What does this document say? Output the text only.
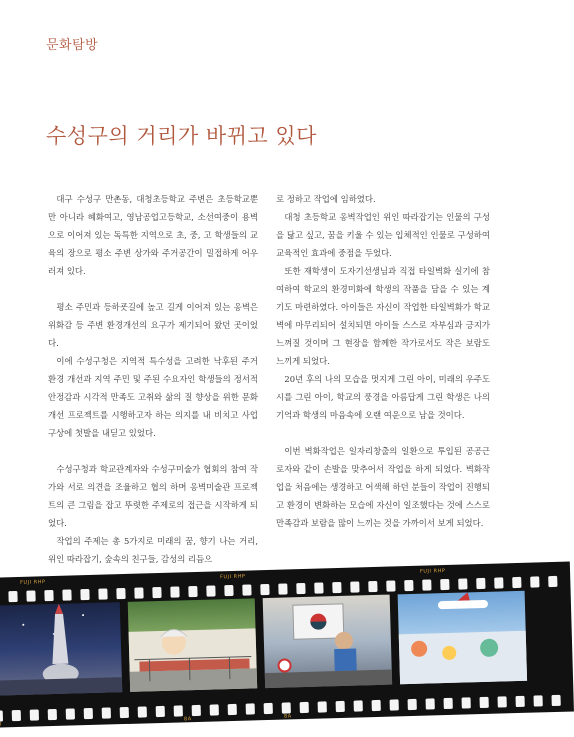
문화탐방
수성구의 거리가 바뀌고 있다

대구 수성구 만촌동, 대청초등학교 주변은 초등학교뿐만 아니라 혜화여고, 영남공업고등학교, 소선여중이 용벽으로 이어져 있는 독특한 지역으로 초, 중, 고 학생들의 교육의 장으로 평소 주변 상가와 주거공간이 밀접하게 어우러져 있다.

평소 주민과 등하굣길에 높고 길게 이어져 있는 옹벽은 위화감 등 주변 환경개선의 요구가 제기되어 왔던 곳이었다.

이에 수성구청은 지역적 특수성을 고려한 낙후된 주거환경 개선과 지역 주민 및 주된 수요자인 학생들의 정서적 안정감과 시각적 만족도 고취와 삶의 질 향상을 위한 문화개선 프로젝트를 시행하고자 하는 의지를 내 비치고 사업구상에 첫발을 내딛고 있었다.

수성구청과 학교관계자와 수성구미술가 협회의 참여 작가와 서로 의견을 조율하고 협의 하며 옹벽미술관 프로젝트의 큰 그림을 잡고 뚜렷한 주제로의 접근을 시작하게 되었다.

작업의 주제는 총 5가지로 미래의 꿈, 향기 나는 거리, 위인 따라잡기, 숲속의 친구들, 감성의 리듬으

로 정하고 작업에 임하였다.

대청 초등학교 옹벽작업인 위인 따라잡기는 인물의 구성을 닮고 싶고, 꿈을 키울 수 있는 입체적인 인물로 구성하여 교육적인 효과에 중점을 두었다.

또한 재학생이 도자기선생님과 직접 타일벽화 실기에 참여하여 학교의 환경미화에 학생의 작품을 담을 수 있는 계기도 마련하였다. 아이들은 자신이 작업한 타일벽화가 학교 벽에 마무리되어 설치되면 아이들 스스로 자부심과 긍지가 느껴질 것이며 그 현장을 함께한 작가로서도 작은 보람도 느끼게 되었다.

20년 후의 나의 모습을 멋지게 그린 아이, 미래의 우주도시를 그린 아이, 학교의 풍경을 아름답게 그린 학생은 나의 기억과 학생의 마음속에 오랜 여운으로 남을 것이다.

이번 벽화작업은 일자리창출의 일환으로 투입된 공공근로자와 같이 손발을 맞추어서 작업을 하게 되었다. 벽화작업을 처음에는 생경하고 어색해 하던 분들이 작업이 진행되고 환경이 변화하는 모습에 자신이 일조했다는 것에 스스로 만족감과 보람을 많이 느끼는 것을 가까이서 보게 되었다.

FUJI RHP
FUJI RHP
FUJI RHP
8A	8A
